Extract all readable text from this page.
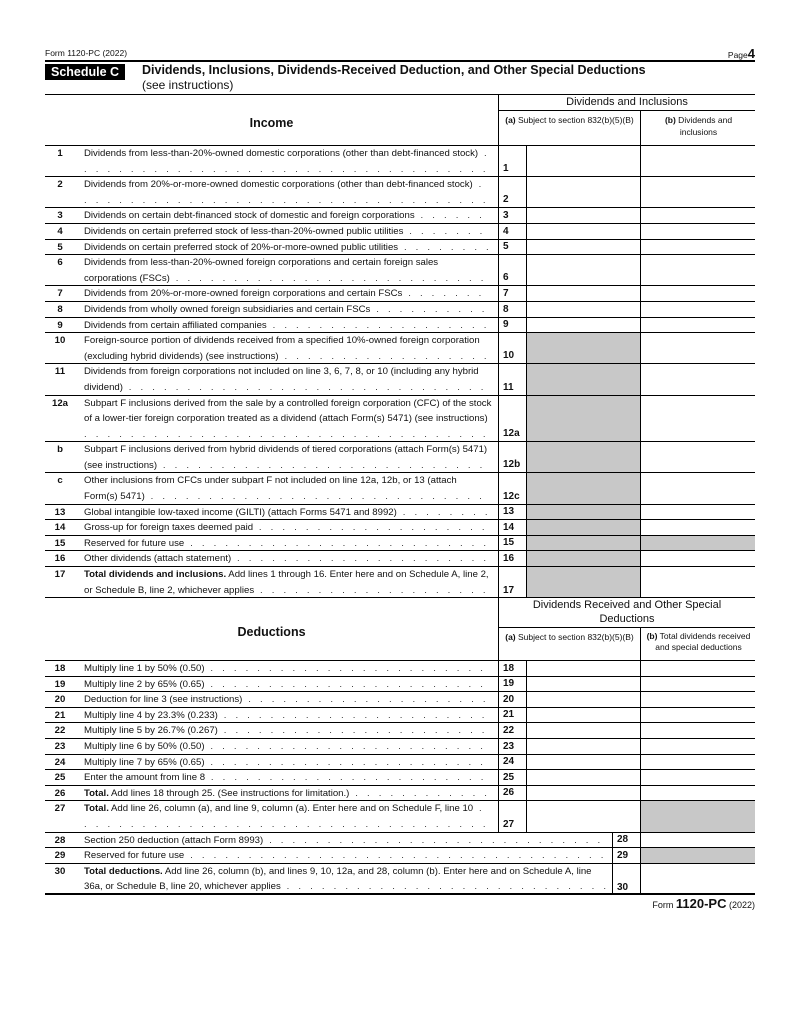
Form 1120-PC (2022)	Page4
Schedule C	Dividends, Inclusions, Dividends-Received Deduction, and Other Special Deductions
(see instructions)
Income
Dividends and Inclusions
(a) Subject to section 832(b)(5)(B)	(b) Dividends and inclusions
1	Dividends from less-than-20%-owned domestic corporations (other than debt-financed stock) . . . . . . . . . . . . . . . . . . . . . . . . . . . . . . . . . . . .	1
2	Dividends from 20%-or-more-owned domestic corporations (other than debt-financed stock) . . . . . . . . . . . . . . . . . . . . . . . . . . . . . . . . . . . .	2
3	Dividends on certain debt-financed stock of domestic and foreign corporations . . . . . .	3
4	Dividends on certain preferred stock of less-than-20%-owned public utilities . . . . . . .	4
5	Dividends on certain preferred stock of 20%-or-more-owned public utilities . . . . . . . .	5
6	Dividends from less-than-20%-owned foreign corporations and certain foreign sales corporations (FSCs) . . . . . . . . . . . . . . . . . . . . . . . . . . .	6
7	Dividends from 20%-or-more-owned foreign corporations and certain FSCs . . . . . . .	7
8	Dividends from wholly owned foreign subsidiaries and certain FSCs . . . . . . . . . .	8
9	Dividends from certain affiliated companies . . . . . . . . . . . . . . . . . . .	9
10	Foreign-source portion of dividends received from a specified 10%-owned foreign corporation (excluding hybrid dividends) (see instructions) . . . . . . . . . . . . . . . . . .	10
11	Dividends from foreign corporations not included on line 3, 6, 7, 8, or 10 (including any hybrid dividend) . . . . . . . . . . . . . . . . . . . . . . . . . . . . . . .	11
12a	Subpart F inclusions derived from the sale by a controlled foreign corporation (CFC) of the stock of a lower-tier foreign corporation treated as a dividend (attach Form(s) 5471) (see instructions) . . . . . . . . . . . . . . . . . . . . . . . . . . . . . . . . . . .	12a
b	Subpart F inclusions derived from hybrid dividends of tiered corporations (attach Form(s) 5471) (see instructions) . . . . . . . . . . . . . . . . . . . . . . . . . . . .	12b
c	Other inclusions from CFCs under subpart F not included on line 12a, 12b, or 13 (attach Form(s) 5471) . . . . . . . . . . . . . . . . . . . . . . . . . . . . .	12c
13	Global intangible low-taxed income (GILTI) (attach Forms 5471 and 8992) . . . . . . . .	13
14	Gross-up for foreign taxes deemed paid . . . . . . . . . . . . . . . . . . . .	14
15	Reserved for future use . . . . . . . . . . . . . . . . . . . . . . . . . .	15
16	Other dividends (attach statement) . . . . . . . . . . . . . . . . . . . . . .	16
17	Total dividends and inclusions. Add lines 1 through 16. Enter here and on Schedule A, line 2, or Schedule B, line 2, whichever applies . . . . . . . . . . . . . . . . . . . .	17
Deductions
Dividends Received and Other Special Deductions
(a) Subject to section 832(b)(5)(B)	(b) Total dividends received and special deductions
18	Multiply line 1 by 50% (0.50) . . . . . . . . . . . . . . . . . . . . . . . .	18
19	Multiply line 2 by 65% (0.65) . . . . . . . . . . . . . . . . . . . . . . . .	19
20	Deduction for line 3 (see instructions) . . . . . . . . . . . . . . . . . . . . .	20
21	Multiply line 4 by 23.3% (0.233) . . . . . . . . . . . . . . . . . . . . . . .	21
22	Multiply line 5 by 26.7% (0.267) . . . . . . . . . . . . . . . . . . . . . . .	22
23	Multiply line 6 by 50% (0.50) . . . . . . . . . . . . . . . . . . . . . . . .	23
24	Multiply line 7 by 65% (0.65) . . . . . . . . . . . . . . . . . . . . . . . .	24
25	Enter the amount from line 8 . . . . . . . . . . . . . . . . . . . . . . . .	25
26	Total. Add lines 18 through 25. (See instructions for limitation.) . . . . . . . . . . . .	26
27	Total. Add line 26, column (a), and line 9, column (a). Enter here and on Schedule F, line 10 . . . . . . . . . . . . . . . . . . . . . . . . . . . . . . . . . . . .	27
28	Section 250 deduction (attach Form 8993) . . . . . . . . . . . . . . . . . . . . . . . . . . . . .	28
29	Reserved for future use . . . . . . . . . . . . . . . . . . . . . . . . . . . . . . . . . . . .	29
30	Total deductions. Add line 26, column (b), and lines 9, 10, 12a, and 28, column (b). Enter here and on Schedule A, line 36a, or Schedule B, line 20, whichever applies . . . . . . . . . . . . . . . . . . . . . . . . . . . . 30
Form 1120-PC (2022)
